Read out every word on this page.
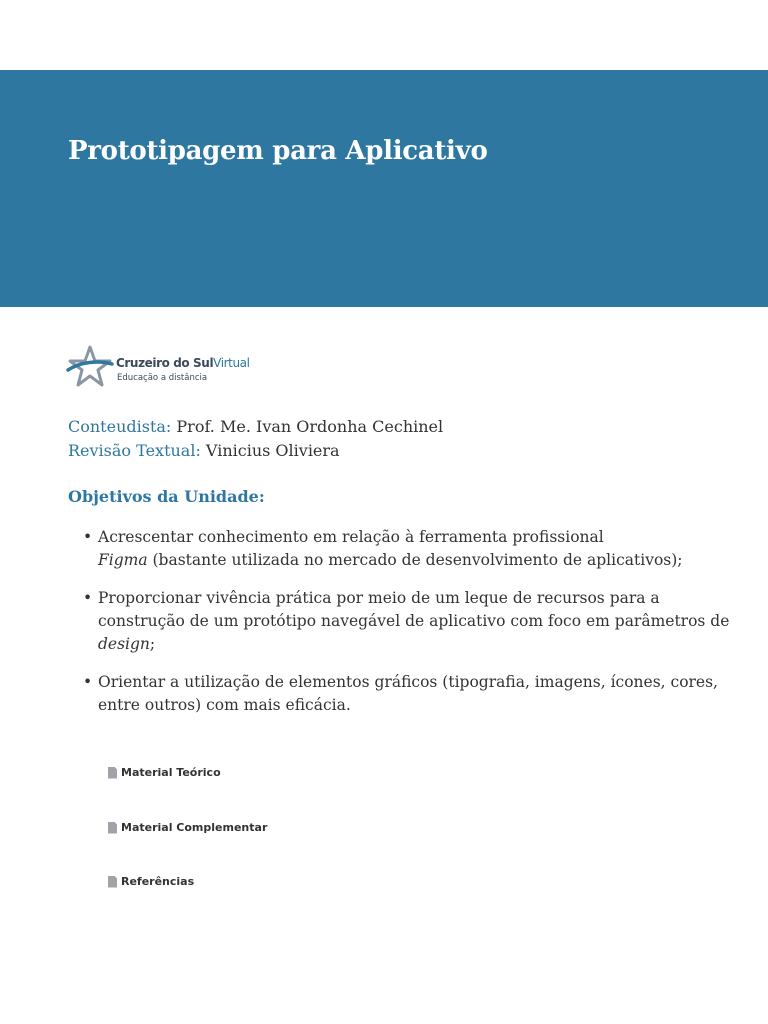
Prototipagem para Aplicativo
Cruzeiro do SulVirtual
Educação a distância

Conteudista: Prof. Me. Ivan Ordonha Cechinel

Revisão Textual: Vinicius Oliviera

Objetivos da Unidade:
• Acrescentar conhecimento em relação à ferramenta profissional
Figma (bastante utilizada no mercado de desenvolvimento de aplicativos);
• Proporcionar vivência prática por meio de um leque de recursos para a construção de um protótipo navegável de aplicativo com foco em parâmetros de design;
• Orientar a utilização de elementos gráficos (tipografia, imagens, ícones, cores, entre outros) com mais eficácia.
Material Teórico
Material Complementar
Referências
